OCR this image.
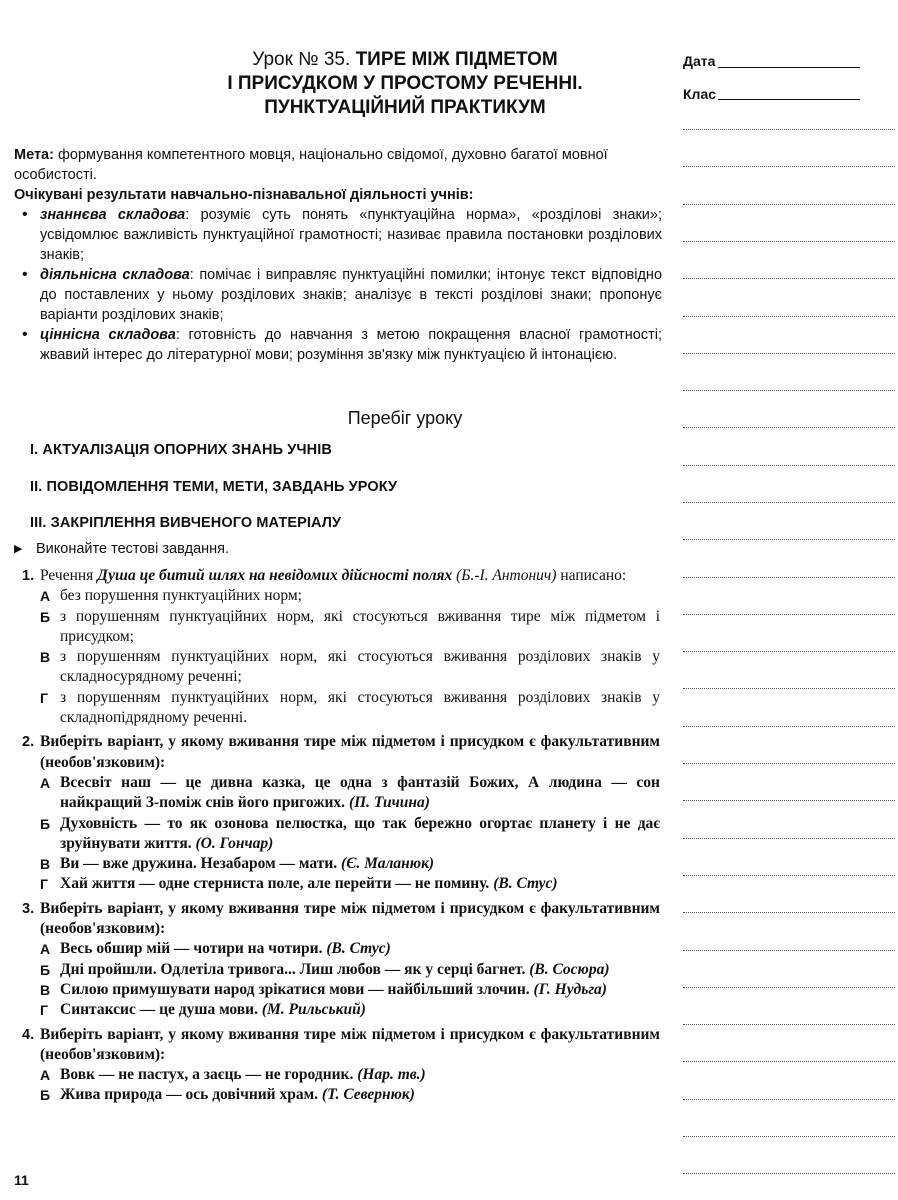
Урок № 35. ТИРЕ МІЖ ПІДМЕТОМ
І ПРИСУДКОМ У ПРОСТОМУ РЕЧЕННІ.
ПУНКТУАЦІЙНИЙ ПРАКТИКУМ
Дата
Клас

Мета: формування компетентного мовця, національно свідомої, духовно багатої мовної особистості.

Очікувані результати навчально-пізнавальної діяльності учнів:

• знаннєва складова: розуміє суть понять «пунктуаційна норма», «розділові знаки»; усвідомлює важливість пунктуаційної грамотності; називає правила постановки розділових знаків;
• діяльнісна складова: помічає і виправляє пунктуаційні помилки; інтонує текст відповідно до поставлених у ньому розділових знаків; аналізує в тексті розділові знаки; пропонує варіанти розділових знаків;
• ціннісна складова: готовність до навчання з метою покращення власної грамотності; жвавий інтерес до літературної мови; розуміння зв'язку між пунктуацією й інтонацією.
Перебіг уроку
І. АКТУАЛІЗАЦІЯ ОПОРНИХ ЗНАНЬ УЧНІВ
ІІ. ПОВІДОМЛЕННЯ ТЕМИ, МЕТИ, ЗАВДАНЬ УРОКУ
ІІІ. ЗАКРІПЛЕННЯ ВИВЧЕНОГО МАТЕРІАЛУ
▶ Виконайте тестові завдання.
1. Речення Душа це битий шлях на невідомих дійсності полях (Б.-І. Антонич) написано:
А без порушення пунктуаційних норм;
Б з порушенням пунктуаційних норм, які стосуються вживання тире між підметом і присудком;
В з порушенням пунктуаційних норм, які стосуються вживання розділових знаків у складносурядному реченні;
Г з порушенням пунктуаційних норм, які стосуються вживання розділових знаків у складнопідрядному реченні.
2. Виберіть варіант, у якому вживання тире між підметом і присудком є факультативним (необов'язковим):
А Всесвіт наш — це дивна казка, це одна з фантазій Божих, А людина — сон найкращий З-поміж снів його пригожих. (П. Тичина)
Б Духовність — то як озонова пелюстка, що так бережно огортає планету і не дає зруйнувати життя. (О. Гончар)
В Ви — вже дружина. Незабаром — мати. (Є. Маланюк)
Г Хай життя — одне стерниста поле, але перейти — не помину. (В. Стус)
3. Виберіть варіант, у якому вживання тире між підметом і присудком є факультативним (необов'язковим):
А Весь обшир мій — чотири на чотири. (В. Стус)
Б Дні пройшли. Одлетіла тривога... Лиш любов — як у серці багнет. (В. Сосюра)
В Силою примушувати народ зрікатися мови — найбільший злочин. (Г. Нудьга)
Г Синтаксис — це душа мови. (М. Рильський)
4. Виберіть варіант, у якому вживання тире між підметом і присудком є факультативним (необов'язковим):
А Вовк — не пастух, а заєць — не городник. (Нар. тв.)
Б Жива природа — ось довічний храм. (Т. Севернюк)
11
